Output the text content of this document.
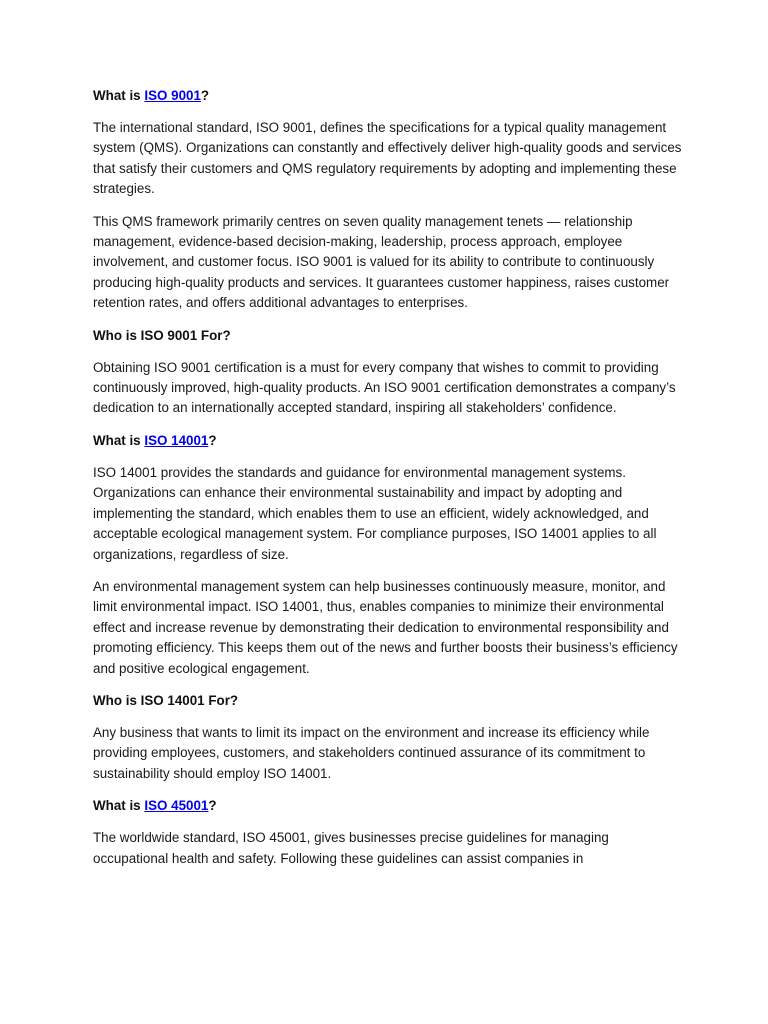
What is ISO 9001?

The international standard, ISO 9001, defines the specifications for a typical quality management system (QMS). Organizations can constantly and effectively deliver high-quality goods and services that satisfy their customers and QMS regulatory requirements by adopting and implementing these strategies.

This QMS framework primarily centres on seven quality management tenets — relationship management, evidence-based decision-making, leadership, process approach, employee involvement, and customer focus. ISO 9001 is valued for its ability to contribute to continuously producing high-quality products and services. It guarantees customer happiness, raises customer retention rates, and offers additional advantages to enterprises.

Who is ISO 9001 For?

Obtaining ISO 9001 certification is a must for every company that wishes to commit to providing continuously improved, high-quality products. An ISO 9001 certification demonstrates a company’s dedication to an internationally accepted standard, inspiring all stakeholders’ confidence.

What is ISO 14001?

ISO 14001 provides the standards and guidance for environmental management systems. Organizations can enhance their environmental sustainability and impact by adopting and implementing the standard, which enables them to use an efficient, widely acknowledged, and acceptable ecological management system. For compliance purposes, ISO 14001 applies to all organizations, regardless of size.

An environmental management system can help businesses continuously measure, monitor, and limit environmental impact. ISO 14001, thus, enables companies to minimize their environmental effect and increase revenue by demonstrating their dedication to environmental responsibility and promoting efficiency. This keeps them out of the news and further boosts their business’s efficiency and positive ecological engagement.

Who is ISO 14001 For?

Any business that wants to limit its impact on the environment and increase its efficiency while providing employees, customers, and stakeholders continued assurance of its commitment to sustainability should employ ISO 14001.

What is ISO 45001?

The worldwide standard, ISO 45001, gives businesses precise guidelines for managing occupational health and safety. Following these guidelines can assist companies in
